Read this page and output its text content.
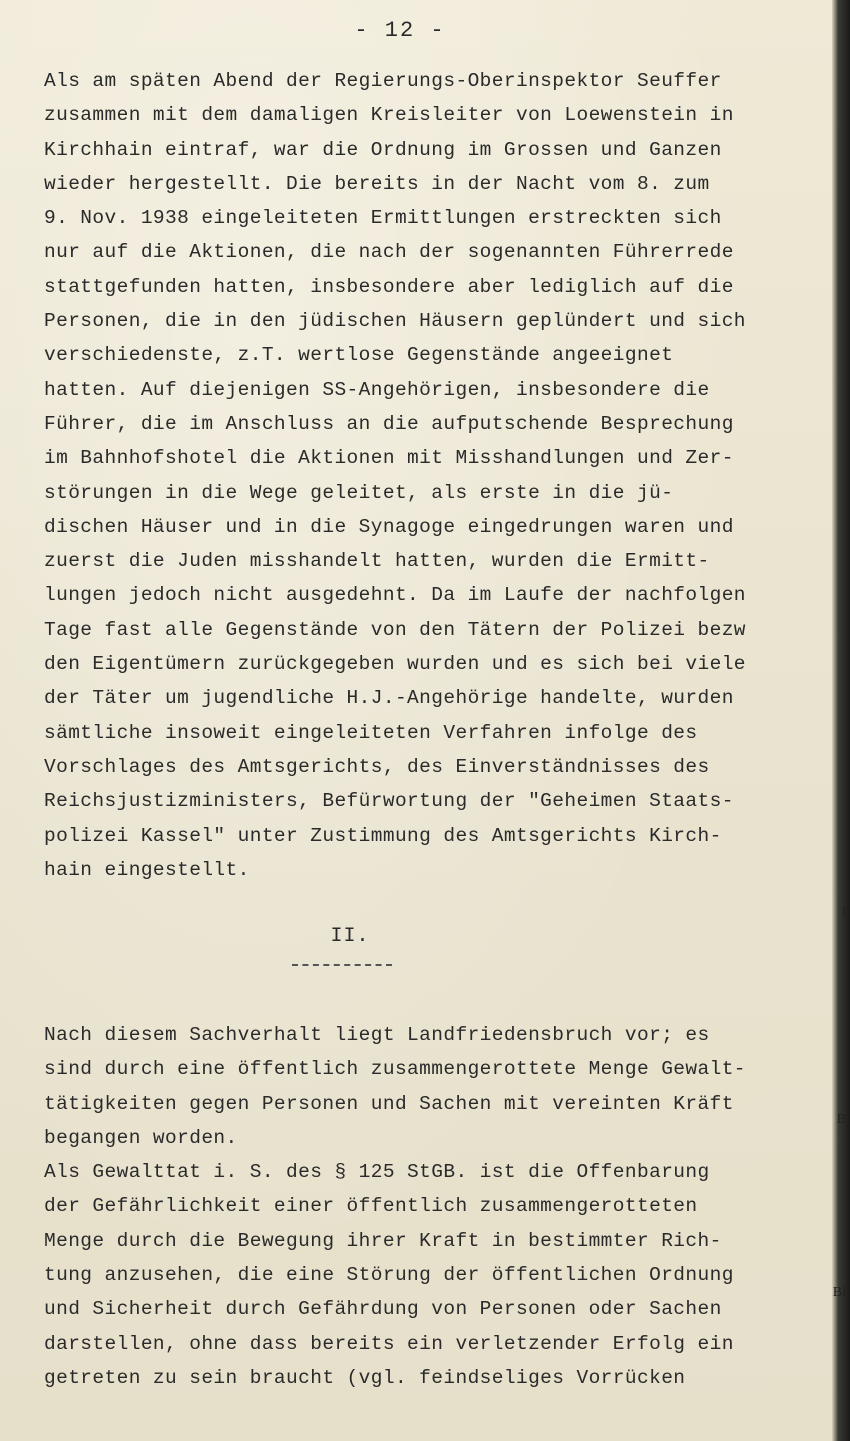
- 12 -

Als am späten Abend der Regierungs-Oberinspektor Seuffer
zusammen mit dem damaligen Kreisleiter von Loewenstein in
Kirchhain eintraf, war die Ordnung im Grossen und Ganzen
wieder hergestellt. Die bereits in der Nacht vom 8. zum
9. Nov. 1938 eingeleiteten Ermittlungen erstreckten sich
nur auf die Aktionen, die nach der sogenannten Führerrede
stattgefunden hatten, insbesondere aber lediglich auf die
Personen, die in den jüdischen Häusern geplündert und sich
verschiedenste, z.T. wertlose Gegenstände angeeignet
hatten. Auf diejenigen SS-Angehörigen, insbesondere die
Führer, die im Anschluss an die aufputschende Besprechung
im Bahnhofshotel die Aktionen mit Misshandlungen und Zer-
störungen in die Wege geleitet, als erste in die jü-
dischen Häuser und in die Synagoge eingedrungen waren und
zuerst die Juden misshandelt hatten, wurden die Ermitt-
lungen jedoch nicht ausgedehnt. Da im Laufe der nachfolgen
Tage fast alle Gegenstände von den Tätern der Polizei bezw
den Eigentümern zurückgegeben wurden und es sich bei viele
der Täter um jugendliche H.J.-Angehörige handelte, wurden
sämtliche insoweit eingeleiteten Verfahren infolge des
Vorschlages des Amtsgerichts, des Einverständnisses des
Reichsjustizministers, Befürwortung der "Geheimen Staats-
polizei Kassel" unter Zustimmung des Amtsgerichts Kirch-
hain eingestellt.

II.

Nach diesem Sachverhalt liegt Landfriedensbruch vor; es
sind durch eine öffentlich zusammengerottete Menge Gewalt-
tätigkeiten gegen Personen und Sachen mit vereinten Kräft
begangen worden.
Als Gewalttat i. S. des § 125 StGB. ist die Offenbarung
der Gefährlichkeit einer öffentlich zusammengerotteten
Menge durch die Bewegung ihrer Kraft in bestimmter Rich-
tung anzusehen, die eine Störung der öffentlichen Ordnung
und Sicherheit durch Gefährdung von Personen oder Sachen
darstellen, ohne dass bereits ein verletzender Erfolg ein
getreten zu sein braucht (vgl. feindseliges Vorrücken

I
B
Bl
